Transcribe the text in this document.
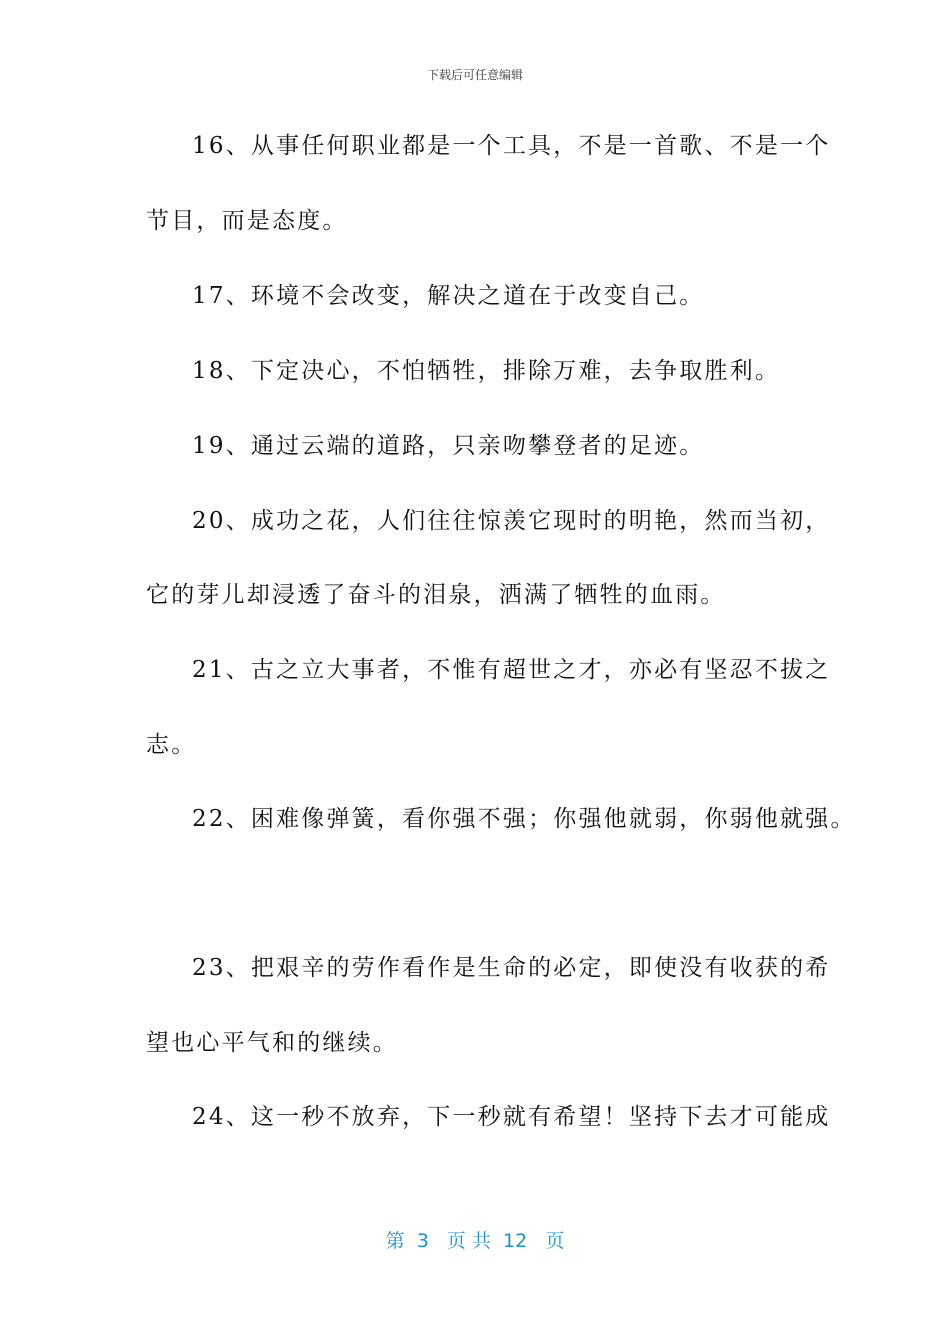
下载后可任意编辑
16、从事任何职业都是一个工具，不是一首歌、不是一个
节目，而是态度。
17、环境不会改变，解决之道在于改变自己。
18、下定决心，不怕牺牲，排除万难，去争取胜利。
19、通过云端的道路，只亲吻攀登者的足迹。
20、成功之花，人们往往惊羡它现时的明艳，然而当初，
它的芽儿却浸透了奋斗的泪泉，洒满了牺牲的血雨。
21、古之立大事者，不惟有超世之才，亦必有坚忍不拔之
志。
22、困难像弹簧，看你强不强；你强他就弱，你弱他就强。
23、把艰辛的劳作看作是生命的必定，即使没有收获的希
望也心平气和的继续。
24、这一秒不放弃，下一秒就有希望！坚持下去才可能成
第  3   页 共  12   页
